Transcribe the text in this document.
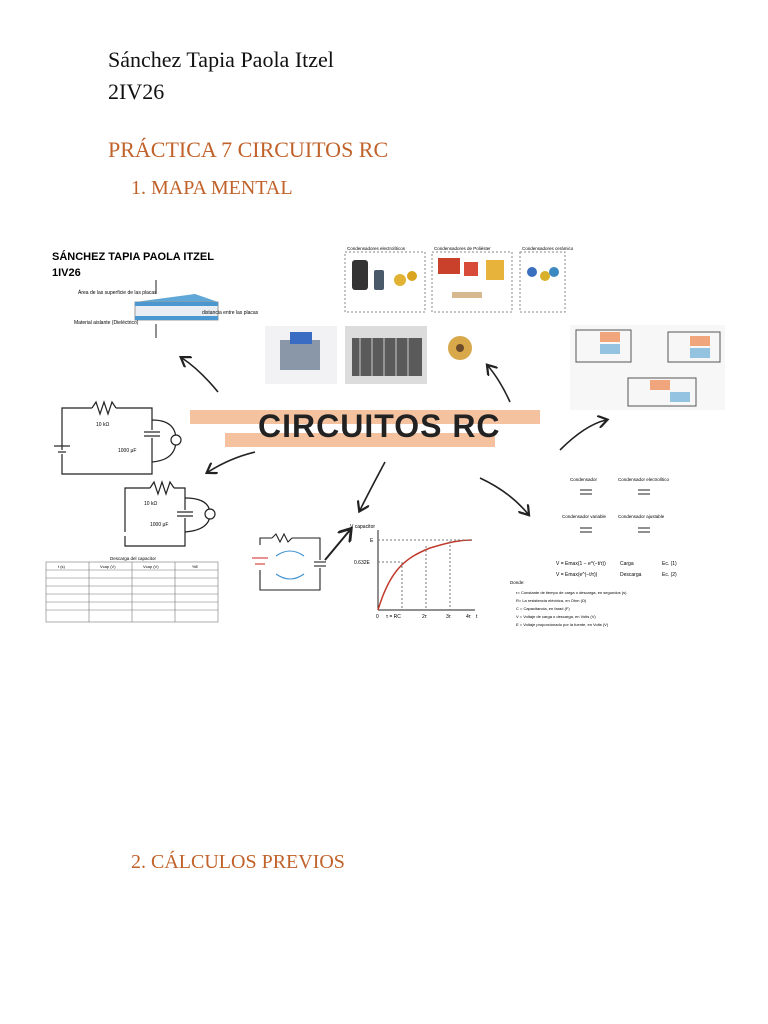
Sánchez Tapia Paola Itzel
2IV26
PRÁCTICA 7 CIRCUITOS RC
1. MAPA MENTAL
SÁNCHEZ TAPIA PAOLA ITZEL
1IV26
Área de las superficie de las placas
Material aislante (Dieléctrico)
distancia entre las placas
Condensadores electrolíticos	Condensadores de Poliéster	Condensadores cerámico
CIRCUITOS RC
10 kΩ
1000 μF
10 kΩ
1000 μF
Descarga del capacitor
t (s)	Vcap (V)	Vcap (V)	%E
V capacitor
E
0.632E
0 τ = RC	2τ	3τ	4τ t
Condensador	Condensador electrolítico
Condensador variable	Condensador ajustable
V = Emax(1 − e^(−t/τ))
V = Emax(e^(−t/τ))
Carga
Descarga
Ec. (1)
Ec. (2)
Donde:
τ= Constante de tiempo de carga o descarga, en segundos (s)
R= La resistencia eléctrica, en Ohm (Ω)
C = Capacitancia, en farad (F)
V = Voltaje de carga o descarga, en Volts (V)
E = Voltaje proporcionado por la fuente, en Volts (V)
2. CÁLCULOS PREVIOS
